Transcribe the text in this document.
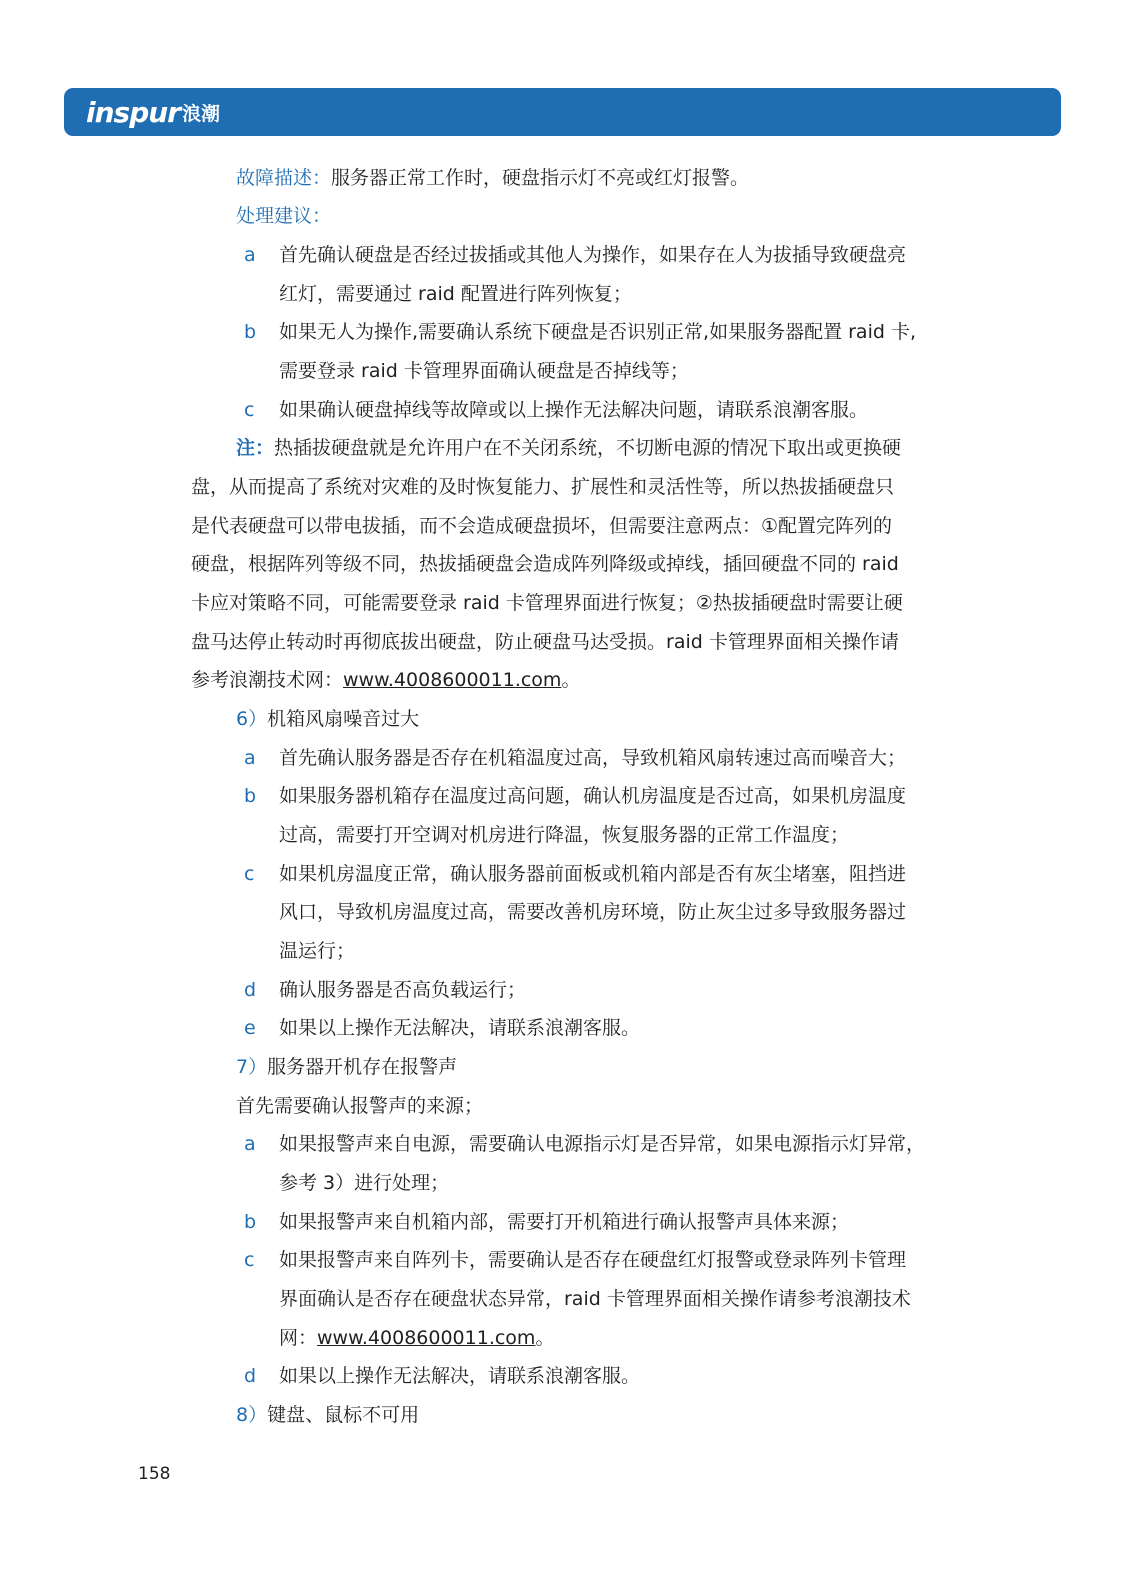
inspur 浪潮
故障描述：服务器正常工作时，硬盘指示灯不亮或红灯报警。
处理建议：
a 首先确认硬盘是否经过拔插或其他人为操作，如果存在人为拔插导致硬盘亮
红灯，需要通过 raid 配置进行阵列恢复；
b 如果无人为操作,需要确认系统下硬盘是否识别正常,如果服务器配置 raid 卡,
需要登录 raid 卡管理界面确认硬盘是否掉线等；
c 如果确认硬盘掉线等故障或以上操作无法解决问题，请联系浪潮客服。
注：热插拔硬盘就是允许用户在不关闭系统，不切断电源的情况下取出或更换硬
盘，从而提高了系统对灾难的及时恢复能力、扩展性和灵活性等，所以热拔插硬盘只
是代表硬盘可以带电拔插，而不会造成硬盘损坏，但需要注意两点：①配置完阵列的
硬盘，根据阵列等级不同，热拔插硬盘会造成阵列降级或掉线，插回硬盘不同的 raid
卡应对策略不同，可能需要登录 raid 卡管理界面进行恢复；②热拔插硬盘时需要让硬
盘马达停止转动时再彻底拔出硬盘，防止硬盘马达受损。raid 卡管理界面相关操作请
参考浪潮技术网：www.4008600011.com。
6）机箱风扇噪音过大
a 首先确认服务器是否存在机箱温度过高，导致机箱风扇转速过高而噪音大；
b 如果服务器机箱存在温度过高问题，确认机房温度是否过高，如果机房温度
过高，需要打开空调对机房进行降温，恢复服务器的正常工作温度；
c 如果机房温度正常，确认服务器前面板或机箱内部是否有灰尘堵塞，阻挡进
风口，导致机房温度过高，需要改善机房环境，防止灰尘过多导致服务器过
温运行；
d 确认服务器是否高负载运行；
e 如果以上操作无法解决，请联系浪潮客服。
7）服务器开机存在报警声
首先需要确认报警声的来源；
a 如果报警声来自电源，需要确认电源指示灯是否异常，如果电源指示灯异常，
参考 3）进行处理；
b 如果报警声来自机箱内部，需要打开机箱进行确认报警声具体来源；
c 如果报警声来自阵列卡，需要确认是否存在硬盘红灯报警或登录阵列卡管理
界面确认是否存在硬盘状态异常，raid 卡管理界面相关操作请参考浪潮技术
网：www.4008600011.com。
d 如果以上操作无法解决，请联系浪潮客服。
8）键盘、鼠标不可用
158
